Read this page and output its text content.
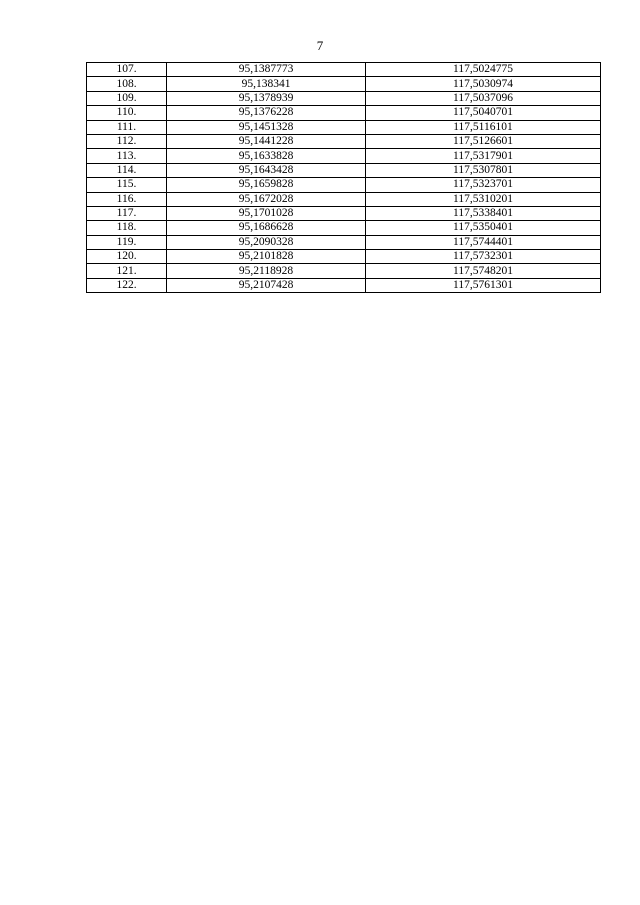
7
107.	95,1387773	117,5024775
108.	95,138341	117,5030974
109.	95,1378939	117,5037096
110.	95,1376228	117,5040701
111.	95,1451328	117,5116101
112.	95,1441228	117,5126601
113.	95,1633828	117,5317901
114.	95,1643428	117,5307801
115.	95,1659828	117,5323701
116.	95,1672028	117,5310201
117.	95,1701028	117,5338401
118.	95,1686628	117,5350401
119.	95,2090328	117,5744401
120.	95,2101828	117,5732301
121.	95,2118928	117,5748201
122.	95,2107428	117,5761301
